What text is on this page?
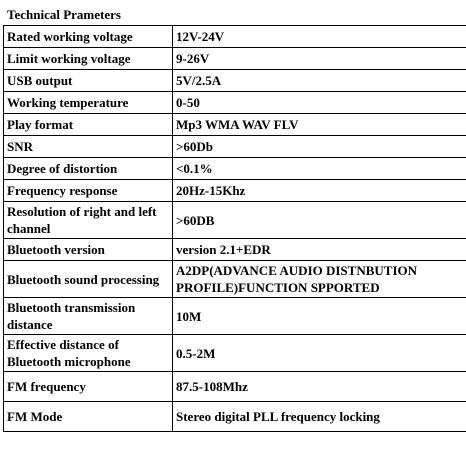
Technical Prameters
Rated working voltage	12V-24V
Limit working voltage	9-26V
USB output	5V/2.5A
Working temperature	0-50
Play format	Mp3 WMA WAV FLV
SNR	>60Db
Degree of distortion	<0.1%
Frequency response	20Hz-15Khz
Resolution of right and left channel	>60DB
Bluetooth version	version 2.1+EDR
Bluetooth sound processing	A2DP(ADVANCE AUDIO DISTNBUTION PROFILE)FUNCTION SPPORTED
Bluetooth transmission distance	10M
Effective distance of Bluetooth microphone	0.5-2M
FM frequency	87.5-108Mhz
FM Mode	Stereo digital PLL frequency locking
